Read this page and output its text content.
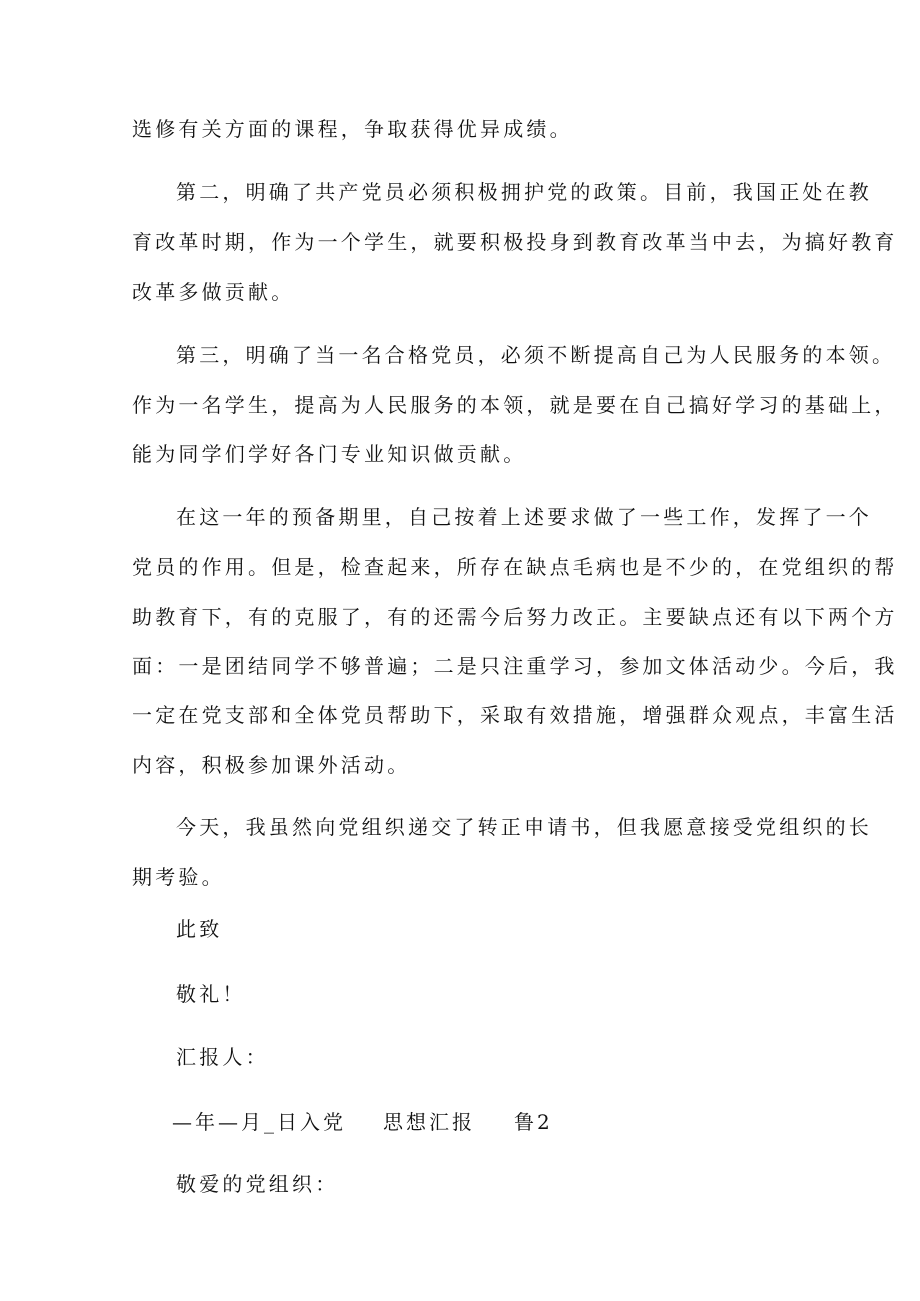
选修有关方面的课程，争取获得优异成绩。
第二，明确了共产党员必须积极拥护党的政策。目前，我国正处在教
育改革时期，作为一个学生，就要积极投身到教育改革当中去，为搞好教育
改革多做贡献。
第三，明确了当一名合格党员，必须不断提高自己为人民服务的本领。
作为一名学生，提高为人民服务的本领，就是要在自己搞好学习的基础上，
能为同学们学好各门专业知识做贡献。
在这一年的预备期里，自己按着上述要求做了一些工作，发挥了一个
党员的作用。但是，检查起来，所存在缺点毛病也是不少的，在党组织的帮
助教育下，有的克服了，有的还需今后努力改正。主要缺点还有以下两个方
面：一是团结同学不够普遍；二是只注重学习，参加文体活动少。今后，我
一定在党支部和全体党员帮助下，采取有效措施，增强群众观点，丰富生活
内容，积极参加课外活动。
今天，我虽然向党组织递交了转正申请书，但我愿意接受党组织的长
期考验。
此致
敬礼！
汇报人：
—年—月_日入党 思想汇报 鲁2
敬爱的党组织：
